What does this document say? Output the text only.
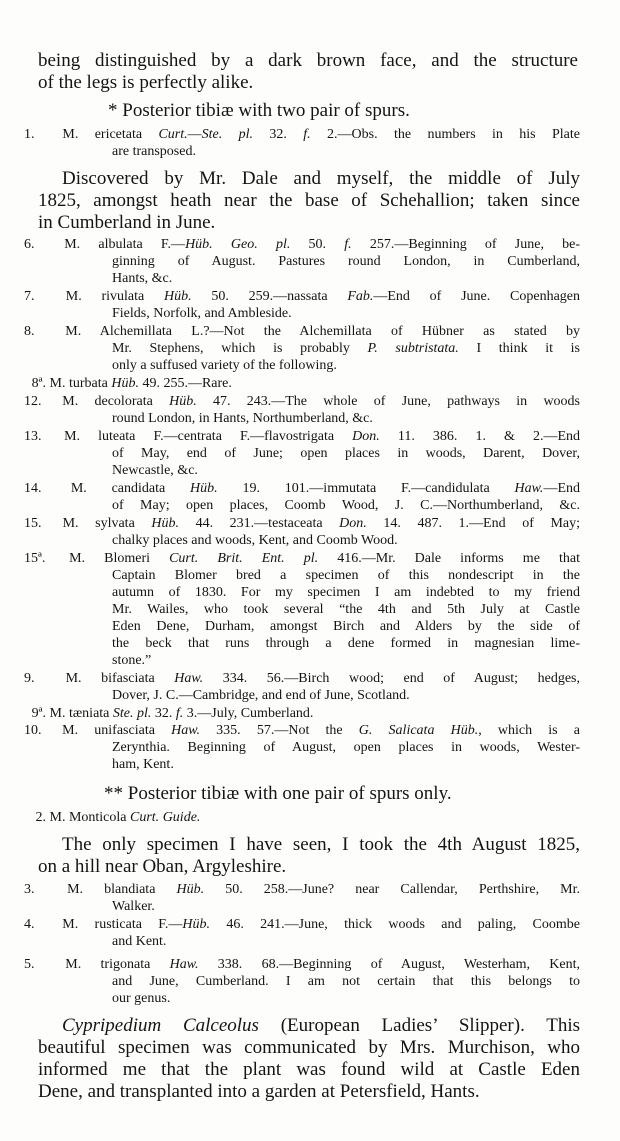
being distinguished by a dark brown face, and the structure
of the legs is perfectly alike.
* Posterior tibiæ with two pair of spurs.
1. M. ericetata Curt.—Ste. pl. 32. f. 2.—Obs. the numbers in his Plate
are transposed.
Discovered by Mr. Dale and myself, the middle of July
1825, amongst heath near the base of Schehallion; taken since
in Cumberland in June.
6. M. albulata F.—Hüb. Geo. pl. 50. f. 257.—Beginning of June, be-
ginning of August. Pastures round London, in Cumberland,
Hants, &c.
7. M. rivulata Hüb. 50. 259.—nassata Fab.—End of June. Copenhagen
Fields, Norfolk, and Ambleside.
8. M. Alchemillata L.?—Not the Alchemillata of Hübner as stated by
Mr. Stephens, which is probably P. subtristata. I think it is
only a suffused variety of the following.
8ª. M. turbata Hüb. 49. 255.—Rare.
12. M. decolorata Hüb. 47. 243.—The whole of June, pathways in woods
round London, in Hants, Northumberland, &c.
13. M. luteata F.—centrata F.—flavostrigata Don. 11. 386. 1. & 2.—End
of May, end of June; open places in woods, Darent, Dover,
Newcastle, &c.
14. M. candidata Hüb. 19. 101.—immutata F.—candidulata Haw.—End
of May; open places, Coomb Wood, J. C.—Northumberland, &c.
15. M. sylvata Hüb. 44. 231.—testaceata Don. 14. 487. 1.—End of May;
chalky places and woods, Kent, and Coomb Wood.
15ª. M. Blomeri Curt. Brit. Ent. pl. 416.—Mr. Dale informs me that
Captain Blomer bred a specimen of this nondescript in the
autumn of 1830. For my specimen I am indebted to my friend
Mr. Wailes, who took several “the 4th and 5th July at Castle
Eden Dene, Durham, amongst Birch and Alders by the side of
the beck that runs through a dene formed in magnesian lime-
stone.”
9. M. bifasciata Haw. 334. 56.—Birch wood; end of August; hedges,
Dover, J. C.—Cambridge, and end of June, Scotland.
9ª. M. tæniata Ste. pl. 32. f. 3.—July, Cumberland.
10. M. unifasciata Haw. 335. 57.—Not the G. Salicata Hüb., which is a
Zerynthia. Beginning of August, open places in woods, Wester-
ham, Kent.
** Posterior tibiæ with one pair of spurs only.
2. M. Monticola Curt. Guide.
The only specimen I have seen, I took the 4th August 1825,
on a hill near Oban, Argyleshire.
3. M. blandiata Hüb. 50. 258.—June? near Callendar, Perthshire, Mr.
Walker.
4. M. rusticata F.—Hüb. 46. 241.—June, thick woods and paling, Coombe
and Kent.
5. M. trigonata Haw. 338. 68.—Beginning of August, Westerham, Kent,
and June, Cumberland. I am not certain that this belongs to
our genus.
Cypripedium Calceolus (European Ladies’ Slipper). This
beautiful specimen was communicated by Mrs. Murchison, who
informed me that the plant was found wild at Castle Eden
Dene, and transplanted into a garden at Petersfield, Hants.
